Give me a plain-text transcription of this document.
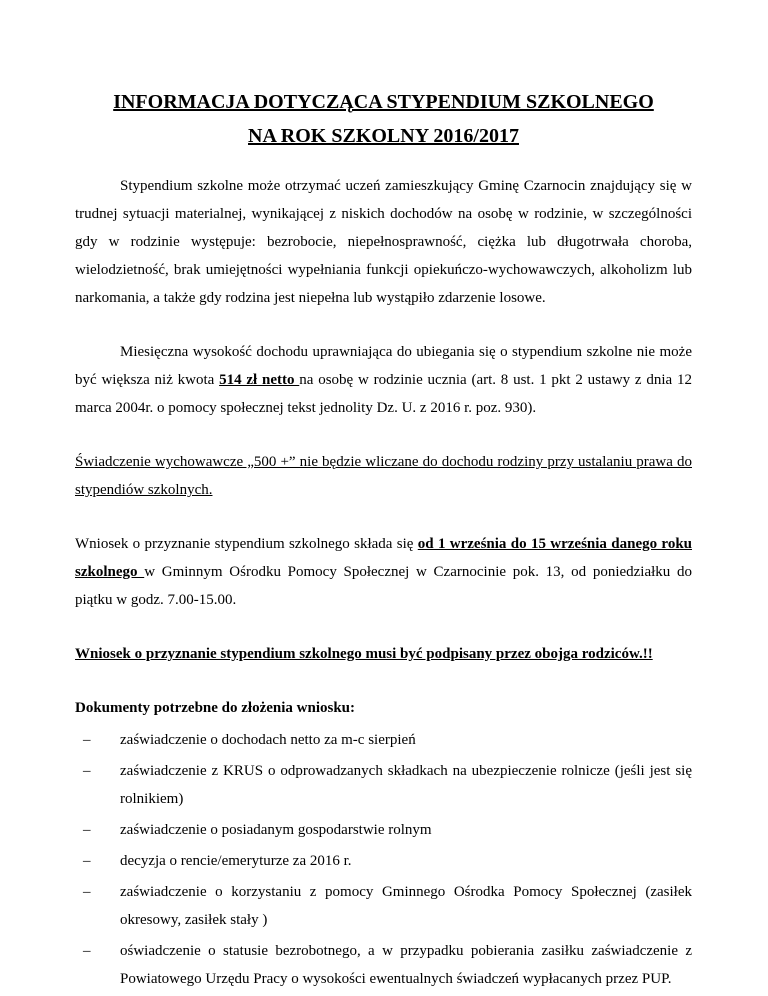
INFORMACJA DOTYCZĄCA STYPENDIUM SZKOLNEGO
NA ROK SZKOLNY 2016/2017

Stypendium szkolne może otrzymać uczeń zamieszkujący Gminę Czarnocin znajdujący się w trudnej sytuacji materialnej, wynikającej z niskich dochodów na osobę w rodzinie, w szczególności gdy w rodzinie występuje: bezrobocie, niepełnosprawność, ciężka lub długotrwała choroba, wielodzietność, brak umiejętności wypełniania funkcji opiekuńczo-wychowawczych, alkoholizm lub narkomania, a także gdy rodzina jest niepełna lub wystąpiło zdarzenie losowe.

Miesięczna wysokość dochodu uprawniająca do ubiegania się o stypendium szkolne nie może być większa niż kwota 514 zł netto na osobę w rodzinie ucznia (art. 8 ust. 1 pkt 2 ustawy z dnia 12 marca 2004r. o pomocy społecznej tekst jednolity Dz. U. z 2016 r. poz. 930).

Świadczenie wychowawcze „500 +” nie będzie wliczane do dochodu rodziny przy ustalaniu prawa do stypendiów szkolnych.

Wniosek o przyznanie stypendium szkolnego składa się od 1 września do 15 września danego roku szkolnego w Gminnym Ośrodku Pomocy Społecznej w Czarnocinie pok. 13, od poniedziałku do piątku w godz. 7.00-15.00.

Wniosek o przyznanie stypendium szkolnego musi być podpisany przez obojga rodziców.!!

Dokumenty potrzebne do złożenia wniosku:

– zaświadczenie o dochodach netto za m-c sierpień
– zaświadczenie z KRUS o odprowadzanych składkach na ubezpieczenie rolnicze (jeśli jest się rolnikiem)
– zaświadczenie o posiadanym gospodarstwie rolnym
– decyzja o rencie/emeryturze za 2016 r.
– zaświadczenie o korzystaniu z pomocy Gminnego Ośrodka Pomocy Społecznej (zasiłek okresowy, zasiłek stały )
– oświadczenie o statusie bezrobotnego, a w przypadku pobierania zasiłku zaświadczenie z Powiatowego Urzędu Pracy o wysokości ewentualnych świadczeń wypłacanych przez PUP.
